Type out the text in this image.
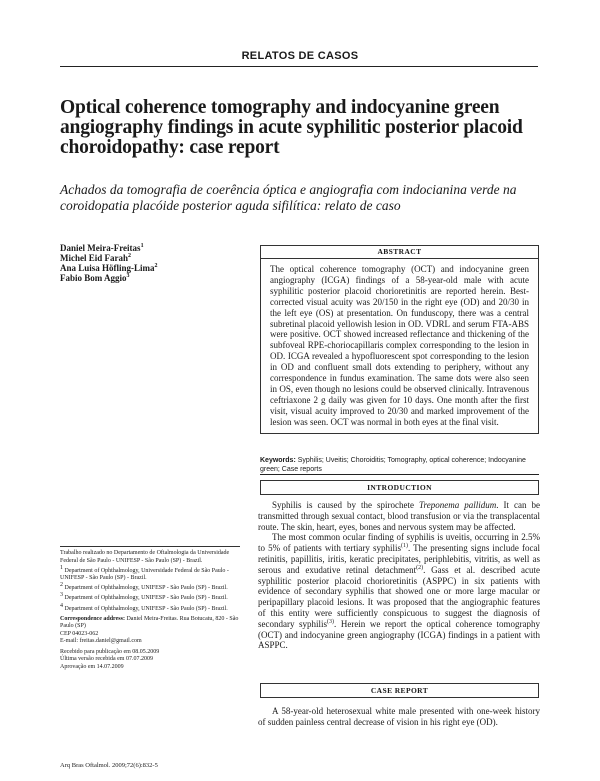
RELATOS DE CASOS
Optical coherence tomography and indocyanine green angiography findings in acute syphilitic posterior placoid choroidopathy: case report
Achados da tomografia de coerência óptica e angiografia com indocianina verde na coroidopatia placóide posterior aguda sifilítica: relato de caso
Daniel Meira-Freitas$^1$
Michel Eid Farah$^2$
Ana Luisa Höfling-Lima$^2$
Fabio Bom Aggio$^3$
ABSTRACT
The optical coherence tomography (OCT) and indocyanine green angiography (ICGA) findings of a 58-year-old male with acute syphilitic posterior placoid chorioretinitis are reported herein. Best-corrected visual acuity was 20/150 in the right eye (OD) and 20/30 in the left eye (OS) at presentation. On funduscopy, there was a central subretinal placoid yellowish lesion in OD. VDRL and serum FTA-ABS were positive. OCT showed increased reflectance and thickening of the subfoveal RPE-choriocapillaris complex corresponding to the lesion in OD. ICGA revealed a hypofluorescent spot corresponding to the lesion in OD and confluent small dots extending to periphery, without any correspondence in fundus examination. The same dots were also seen in OS, even though no lesions could be observed clinically. Intravenous ceftriaxone 2 g daily was given for 10 days. One month after the first visit, visual acuity improved to 20/30 and marked improvement of the lesion was seen. OCT was normal in both eyes at the final visit.
Keywords: Syphilis; Uveitis; Choroiditis; Tomography, optical coherence; Indocyanine green; Case reports
INTRODUCTION

Syphilis is caused by the spirochete Treponema pallidum. It can be transmitted through sexual contact, blood transfusion or via the transplacental route. The skin, heart, eyes, bones and nervous system may be affected.

The most common ocular finding of syphilis is uveitis, occurring in 2.5% to 5% of patients with tertiary syphilis$^{(1)}$. The presenting signs include focal retinitis, papillitis, iritis, keratic precipitates, periphlebitis, vitritis, as well as serous and exudative retinal detachment$^{(2)}$. Gass et al. described acute syphilitic posterior placoid chorioretinitis (ASPPC) in six patients with evidence of secondary syphilis that showed one or more large macular or peripapillary placoid lesions. It was proposed that the angiographic features of this entity were sufficiently conspicuous to suggest the diagnosis of secondary syphilis$^{(3)}$. Herein we report the optical coherence tomography (OCT) and indocyanine green angiography (ICGA) findings in a patient with ASPPC.

CASE REPORT

A 58-year-old heterosexual white male presented with one-week history of sudden painless central decrease of vision in his right eye (OD).

Trabalho realizado no Departamento de Oftalmologia da Universidade Federal de São Paulo - UNIFESP - São Paulo (SP) - Brazil.

1 Department of Ophthalmology, Universidade Federal de São Paulo - UNIFESP - São Paulo (SP) - Brazil.

2 Department of Ophthalmology, UNIFESP - São Paulo (SP) - Brazil.

3 Department of Ophthalmology, UNIFESP - São Paulo (SP) - Brazil.

4 Department of Ophthalmology, UNIFESP - São Paulo (SP) - Brazil.

Correspondence address: Daniel Meira-Freitas. Rua Botucatu, 820 - São Paulo (SP)

CEP 04023-062

E-mail: freitas.daniel@gmail.com

Recebido para publicação em 08.05.2009

Última versão recebida em 07.07.2009

Aprovação em 14.07.2009

Arq Bras Oftalmol. 2009;72(6):832-5
